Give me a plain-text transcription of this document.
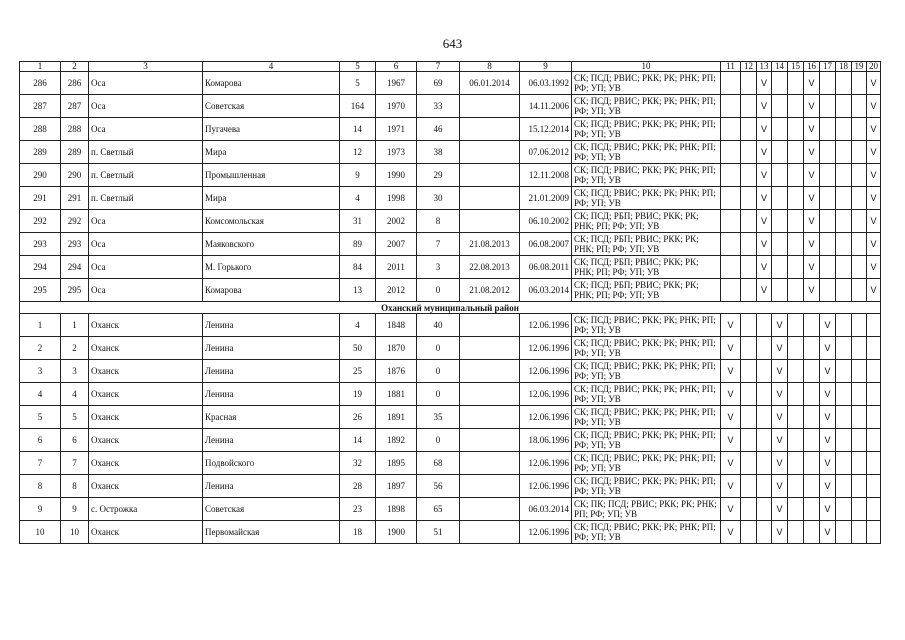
643
1	2	3	4	5	6	7	8	9	10	11	12	13	14	15	16	17	18	19	20
286	286	Оса	Комарова	5	1967	69	06.01.2014	06.03.1992	СК; ПСД; РВИС; РКК; РК; РНК; РП; РФ; УП; УВ			V			V				V
287	287	Оса	Советская	164	1970	33		14.11.2006	СК; ПСД; РВИС; РКК; РК; РНК; РП; РФ; УП; УВ			V			V				V
288	288	Оса	Пугачева	14	1971	46		15.12.2014	СК; ПСД; РВИС; РКК; РК; РНК; РП; РФ; УП; УВ			V			V				V
289	289	п. Светлый	Мира	12	1973	38		07.06.2012	СК; ПСД; РВИС; РКК; РК; РНК; РП; РФ; УП; УВ			V			V				V
290	290	п. Светлый	Промышленная	9	1990	29		12.11.2008	СК; ПСД; РВИС; РКК; РК; РНК; РП; РФ; УП; УВ			V			V				V
291	291	п. Светлый	Мира	4	1998	30		21.01.2009	СК; ПСД; РВИС; РКК; РК; РНК; РП; РФ; УП; УВ			V			V				V
292	292	Оса	Комсомольская	31	2002	8		06.10.2002	СК; ПСД; РБП; РВИС; РКК; РК; РНК; РП; РФ; УП; УВ			V			V				V
293	293	Оса	Маяковского	89	2007	7	21.08.2013	06.08.2007	СК; ПСД; РБП; РВИС; РКК; РК; РНК; РП; РФ; УП; УВ			V			V				V
294	294	Оса	М. Горького	84	2011	3	22.08.2013	06.08.2011	СК; ПСД; РБП; РВИС; РКК; РК; РНК; РП; РФ; УП; УВ			V			V				V
295	295	Оса	Комарова	13	2012	0	21.08.2012	06.03.2014	СК; ПСД; РБП; РВИС; РКК; РК; РНК; РП; РФ; УП; УВ			V			V				V
Оханский муниципальный район																			
1	1	Оханск	Ленина	4	1848	40		12.06.1996	СК; ПСД; РВИС; РКК; РК; РНК; РП; РФ; УП; УВ	V			V			V			
2	2	Оханск	Ленина	50	1870	0		12.06.1996	СК; ПСД; РВИС; РКК; РК; РНК; РП; РФ; УП; УВ	V			V			V			
3	3	Оханск	Ленина	25	1876	0		12.06.1996	СК; ПСД; РВИС; РКК; РК; РНК; РП; РФ; УП; УВ	V			V			V			
4	4	Оханск	Ленина	19	1881	0		12.06.1996	СК; ПСД; РВИС; РКК; РК; РНК; РП; РФ; УП; УВ	V			V			V			
5	5	Оханск	Красная	26	1891	35		12.06.1996	СК; ПСД; РВИС; РКК; РК; РНК; РП; РФ; УП; УВ	V			V			V			
6	6	Оханск	Ленина	14	1892	0		18.06.1996	СК; ПСД; РВИС; РКК; РК; РНК; РП; РФ; УП; УВ	V			V			V			
7	7	Оханск	Подвойского	32	1895	68		12.06.1996	СК; ПСД; РВИС; РКК; РК; РНК; РП; РФ; УП; УВ	V			V			V			
8	8	Оханск	Ленина	28	1897	56		12.06.1996	СК; ПСД; РВИС; РКК; РК; РНК; РП; РФ; УП; УВ	V			V			V			
9	9	с. Острожка	Советская	23	1898	65		06.03.2014	СК; ПК; ПСД; РВИС; РКК; РК; РНК; РП; РФ; УП; УВ	V			V			V			
10	10	Оханск	Первомайская	18	1900	51		12.06.1996	СК; ПСД; РВИС; РКК; РК; РНК; РП; РФ; УП; УВ	V			V			V			
